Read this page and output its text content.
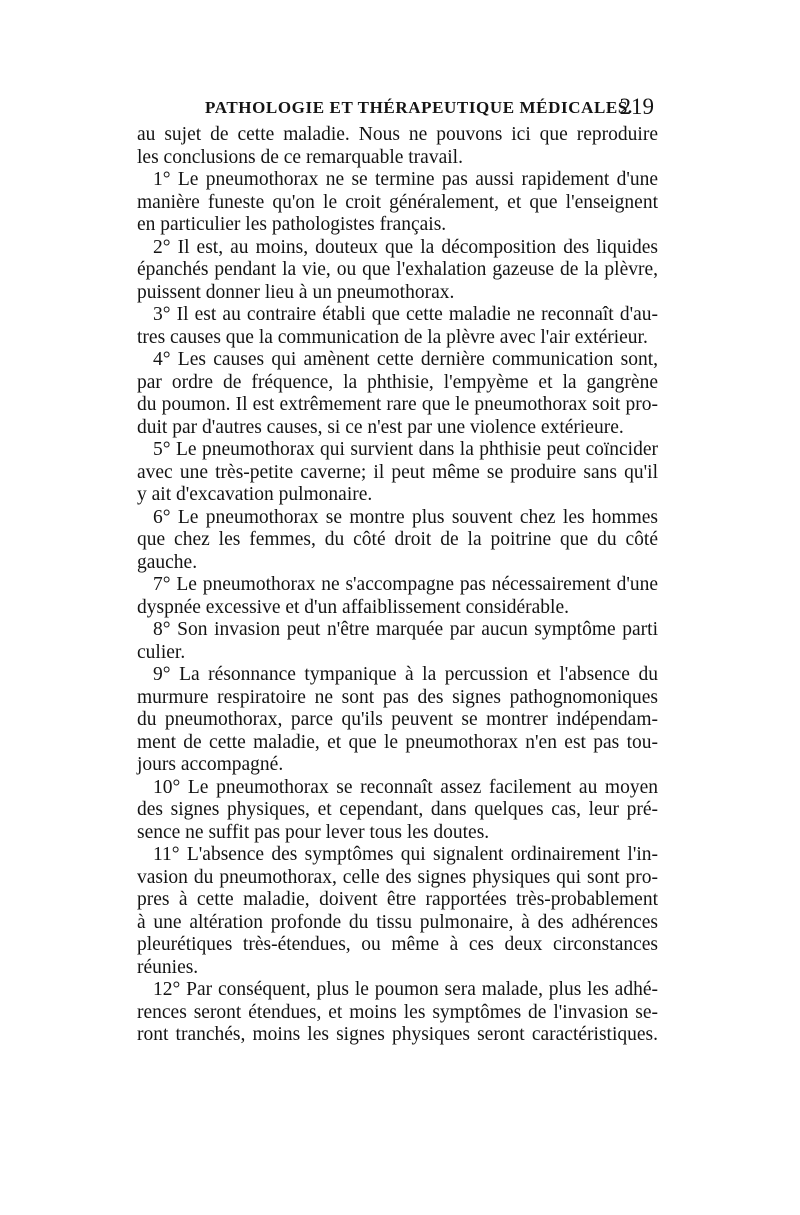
PATHOLOGIE ET THÉRAPEUTIQUE MÉDICALES.
219
au sujet de cette maladie. Nous ne pouvons ici que reproduire
les conclusions de ce remarquable travail.
1° Le pneumothorax ne se termine pas aussi rapidement d'une
manière funeste qu'on le croit généralement, et que l'enseignent
en particulier les pathologistes français.
2° Il est, au moins, douteux que la décomposition des liquides
épanchés pendant la vie, ou que l'exhalation gazeuse de la plèvre,
puissent donner lieu à un pneumothorax.
3° Il est au contraire établi que cette maladie ne reconnaît d'au-
tres causes que la communication de la plèvre avec l'air extérieur.
4° Les causes qui amènent cette dernière communication sont,
par ordre de fréquence, la phthisie, l'empyème et la gangrène
du poumon. Il est extrêmement rare que le pneumothorax soit pro-
duit par d'autres causes, si ce n'est par une violence extérieure.
5° Le pneumothorax qui survient dans la phthisie peut coïncider
avec une très-petite caverne; il peut même se produire sans qu'il
y ait d'excavation pulmonaire.
6° Le pneumothorax se montre plus souvent chez les hommes
que chez les femmes, du côté droit de la poitrine que du côté
gauche.
7° Le pneumothorax ne s'accompagne pas nécessairement d'une
dyspnée excessive et d'un affaiblissement considérable.
8° Son invasion peut n'être marquée par aucun symptôme parti
culier.
9° La résonnance tympanique à la percussion et l'absence du
murmure respiratoire ne sont pas des signes pathognomoniques
du pneumothorax, parce qu'ils peuvent se montrer indépendam-
ment de cette maladie, et que le pneumothorax n'en est pas tou-
jours accompagné.
10° Le pneumothorax se reconnaît assez facilement au moyen
des signes physiques, et cependant, dans quelques cas, leur pré-
sence ne suffit pas pour lever tous les doutes.
11° L'absence des symptômes qui signalent ordinairement l'in-
vasion du pneumothorax, celle des signes physiques qui sont pro-
pres à cette maladie, doivent être rapportées très-probablement
à une altération profonde du tissu pulmonaire, à des adhérences
pleurétiques très-étendues, ou même à ces deux circonstances
réunies.
12° Par conséquent, plus le poumon sera malade, plus les adhé-
rences seront étendues, et moins les symptômes de l'invasion se-
ront tranchés, moins les signes physiques seront caractéristiques.
